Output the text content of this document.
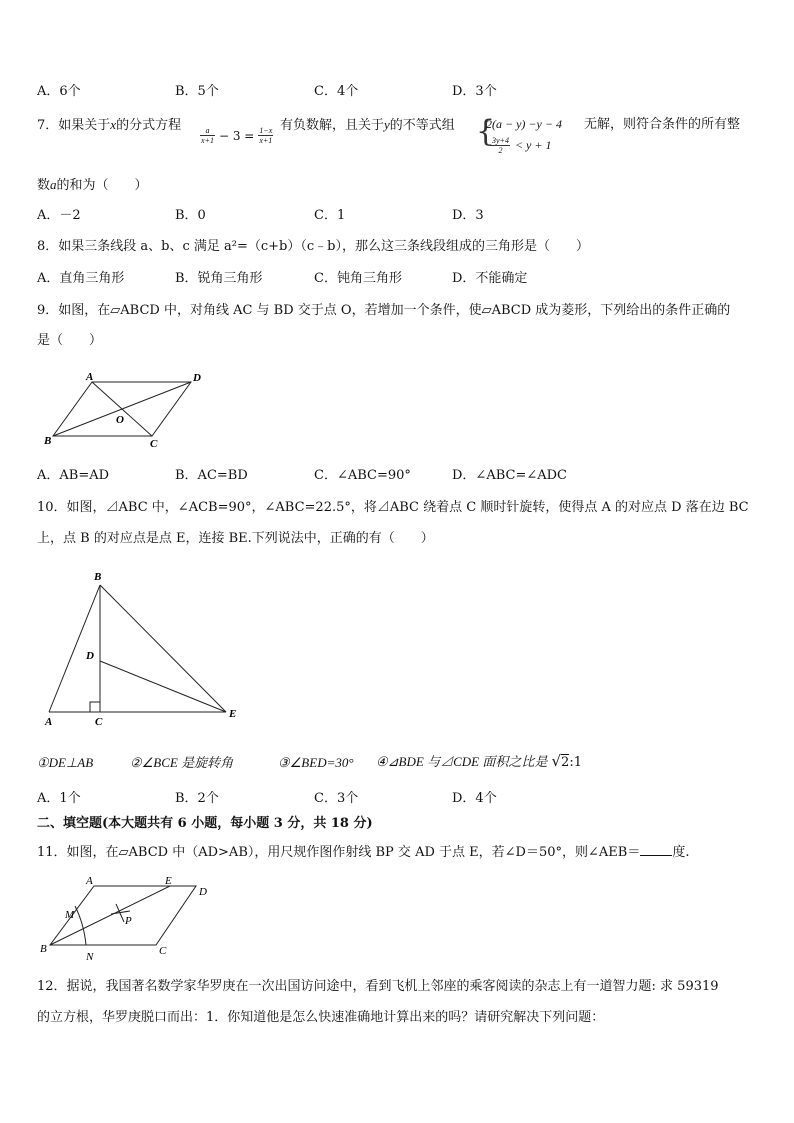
A．6个	B．5个	C．4个	D．3个
7．如果关于x的分式方程
$\frac{a}{x+1} - 3 = \frac{1-x}{x+1}$
有负数解，且关于y的不等式组 {
2(a − y) −y − 4
$\frac{3y+4}{2} < y + 1$
无解，则符合条件的所有整
数a的和为（　　）
A．－2	B．0	C．1	D．3
8．如果三条线段 a、b、c 满足 a²=（c+b）（c﹣b），那么这三条线段组成的三角形是（　　）
A．直角三角形	B．锐角三角形	C．钝角三角形	D．不能确定
9．如图，在▱ABCD 中，对角线 AC 与 BD 交于点 O，若增加一个条件，使▱ABCD 成为菱形，下列给出的条件正确的
是（　　）
A	D
B	C
O
A．AB=AD	B．AC=BD	C．∠ABC=90°	D．∠ABC=∠ADC
10．如图，⊿ABC 中，∠ACB=90°，∠ABC=22.5°，将⊿ABC 绕着点 C 顺时针旋转，使得点 A 的对应点 D 落在边 BC
上，点 B 的对应点是点 E，连接 BE.下列说法中，正确的有（　　）
B
D
A	C
E
①DE⊥AB	②∠BCE 是旋转角	③∠BED=30° ④⊿BDE 与⊿CDE 面积之比是 √2:1
A．1个	B．2个	C．3个	D．4个
二、填空题(本大题共有 6 小题，每小题 3 分，共 18 分)
11．如图，在▱ABCD 中（AD>AB），用尺规作图作射线 BP 交 AD 于点 E，若∠D＝50°，则∠AEB＝ 度.
A	E
D
B	C
M
N
P
12．据说，我国著名数学家华罗庚在一次出国访问途中，看到飞机上邻座的乘客阅读的杂志上有一道智力题: 求 59319
的立方根，华罗庚脱口而出：1．你知道他是怎么快速准确地计算出来的吗？请研究解决下列问题：
